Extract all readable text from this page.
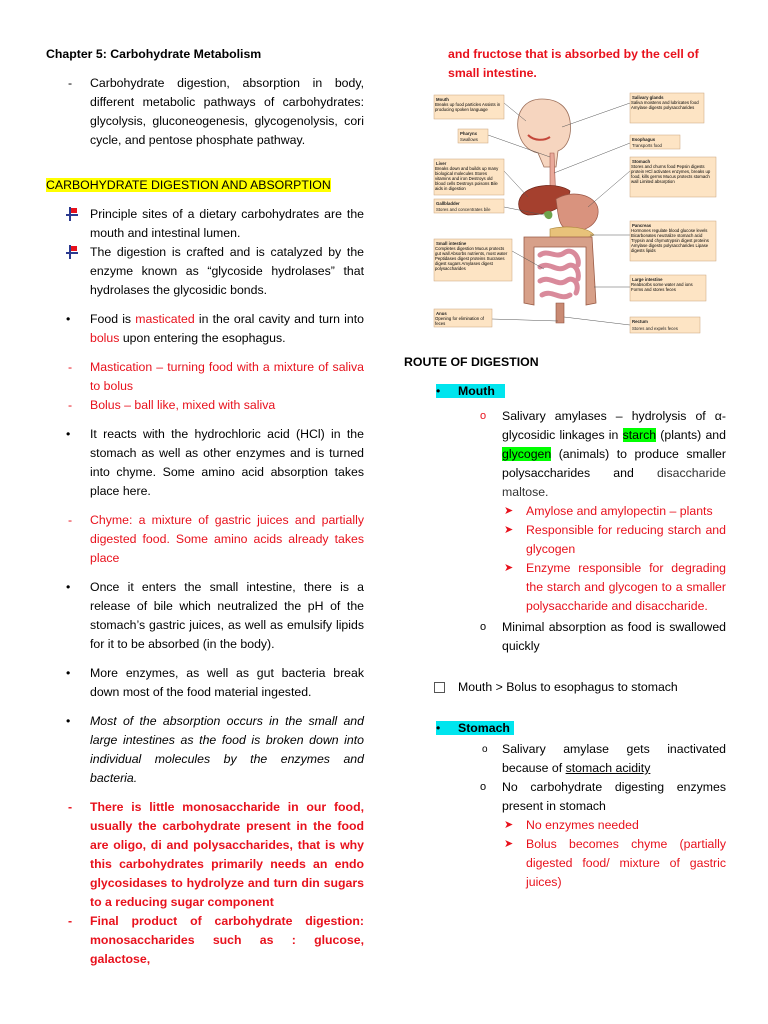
Chapter 5: Carbohydrate Metabolism

- Carbohydrate digestion, absorption in body, different metabolic pathways of carbohydrates: glycolysis, gluconeogenesis, glycogenolysis, cori cycle, and pentose phosphate pathway.

CARBOHYDRATE DIGESTION AND ABSORPTION

Principle sites of a dietary carbohydrates are the mouth and intestinal lumen.

The digestion is crafted and is catalyzed by the enzyme known as “glycoside hydrolases” that hydrolases the glycosidic bonds.

• Food is masticated in the oral cavity and turn into bolus upon entering the esophagus.

- Mastication – turning food with a mixture of saliva to bolus

- Bolus – ball like, mixed with saliva

• It reacts with the hydrochloric acid (HCl) in the stomach as well as other enzymes and is turned into chyme. Some amino acid absorption takes place here.

- Chyme: a mixture of gastric juices and partially digested food. Some amino acids already takes place

• Once it enters the small intestine, there is a release of bile which neutralized the pH of the stomach’s gastric juices, as well as emulsify lipids for it to be absorbed (in the body).

• More enzymes, as well as gut bacteria break down most of the food material ingested.

• Most of the absorption occurs in the small and large intestines as the food is broken down into individual molecules by the enzymes and bacteria.

- There is little monosaccharide in our food, usually the carbohydrate present in the food are oligo, di and polysaccharides, that is why this carbohydrates primarily needs an endo glycosidases to hydrolyze and turn din sugars to a reducing sugar component

- Final product of carbohydrate digestion: monosaccharides such as : glucose, galactose,

and fructose that is absorbed by the cell of small intestine.

Mouth
Breaks up food particles Assists in producing spoken language
Pharynx
Swallows
Liver
Breaks down and builds up many biological molecules Stores vitamins and iron Destroys old blood cells Destroys poisons Bile aids in digestion
Gallbladder
Stores and concentrates bile
Small intestine
Completes digestion Mucus protects gut wall Absorbs nutrients, most water Peptidases digest proteins Sucrases digest sugars Amylases digest polysaccharides
Anus
Opening for elimination of feces
Salivary glands
Saliva moistens and lubricates food Amylase digests polysaccharides
Esophagus
Transports food
Stomach
Stores and churns food Pepsin digests protein HCl activates enzymes, breaks up food, kills germs Mucus protects stomach wall Limited absorption
Pancreas
Hormones regulate blood glucose levels Bicarbonates neutralize stomach acid Trypsin and chymotrypsin digest proteins Amylase digests polysaccharides Lipase digests lipids
Large intestine
Reabsorbs some water and ions Forms and stores feces
Rectum
Stores and expels feces

ROUTE OF DIGESTION

• Mouth

o Salivary amylases – hydrolysis of α-glycosidic linkages in starch (plants) and glycogen (animals) to produce smaller polysaccharides and disaccharide maltose.

➤ Amylose and amylopectin – plants

➤ Responsible for reducing starch and glycogen

➤ Enzyme responsible for degrading the starch and glycogen to a smaller polysaccharide and disaccharide.

o Minimal absorption as food is swallowed quickly

Mouth > Bolus to esophagus to stomach

• Stomach

o Salivary amylase gets inactivated because of stomach acidity

o No carbohydrate digesting enzymes present in stomach

➤ No enzymes needed

➤ Bolus becomes chyme (partially digested food/ mixture of gastric juices)
